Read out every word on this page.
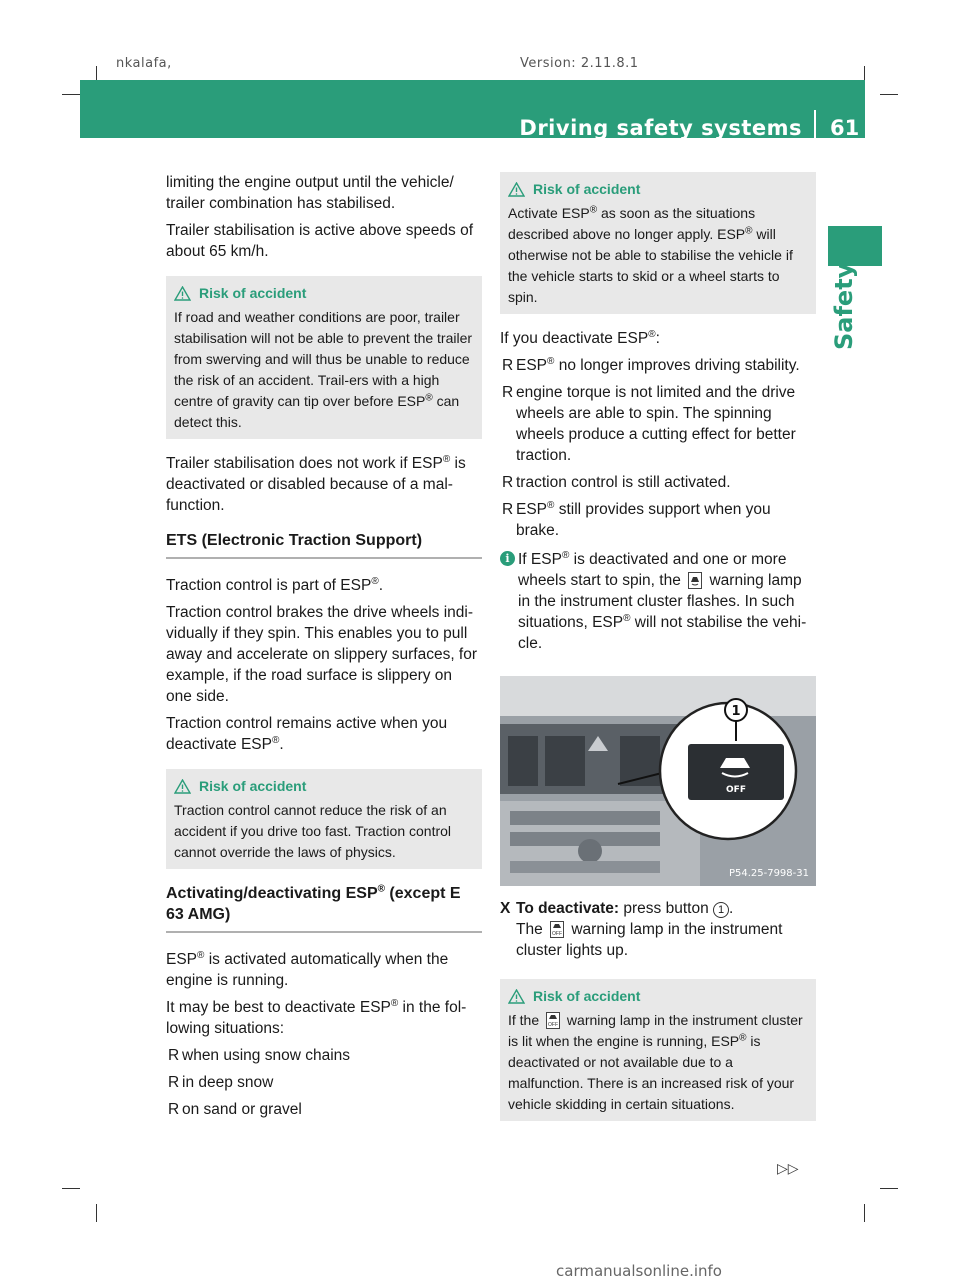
nkalafa,	Version: 2.11.8.1
Driving safety systems 61
Safety

limiting the engine output until the vehicle/ trailer combination has stabilised.

Trailer stabilisation is active above speeds of about 65 km/h.

Risk of accident
If road and weather conditions are poor, trailer stabilisation will not be able to prevent the trailer from swerving and will thus be unable to reduce the risk of an accident. Trail-ers with a high centre of gravity can tip over before ESP® can detect this.

Trailer stabilisation does not work if ESP® is deactivated or disabled because of a mal-function.

ETS (Electronic Traction Support)

Traction control is part of ESP®.

Traction control brakes the drive wheels indi-vidually if they spin. This enables you to pull away and accelerate on slippery surfaces, for example, if the road surface is slippery on one side.

Traction control remains active when you deactivate ESP®.

Risk of accident
Traction control cannot reduce the risk of an accident if you drive too fast. Traction control cannot override the laws of physics.
Activating/deactivating ESP® (except E 63 AMG)

ESP® is activated automatically when the engine is running.

It may be best to deactivate ESP® in the fol-lowing situations:

R when using snow chains
R in deep snow
R on sand or gravel
Risk of accident
Activate ESP® as soon as the situations described above no longer apply. ESP® will otherwise not be able to stabilise the vehicle if the vehicle starts to skid or a wheel starts to spin.

If you deactivate ESP®:

R ESP® no longer improves driving stability.
R engine torque is not limited and the drive wheels are able to spin. The spinning wheels produce a cutting effect for better traction.
R traction control is still activated.
R ESP® still provides support when you brake.
i If ESP® is deactivated and one or more wheels start to spin, the warning lamp in the instrument cluster flashes. In such situations, ESP® will not stabilise the vehi-cle.
1
OFF
P54.25-7998-31
X To deactivate: press button 1 .

The OFF warning lamp in the instrument cluster lights up.

Risk of accident
If the OFF warning lamp in the instrument cluster is lit when the engine is running, ESP® is deactivated or not available due to a malfunction. There is an increased risk of your vehicle skidding in certain situations.
▷▷
carmanualsonline.info
